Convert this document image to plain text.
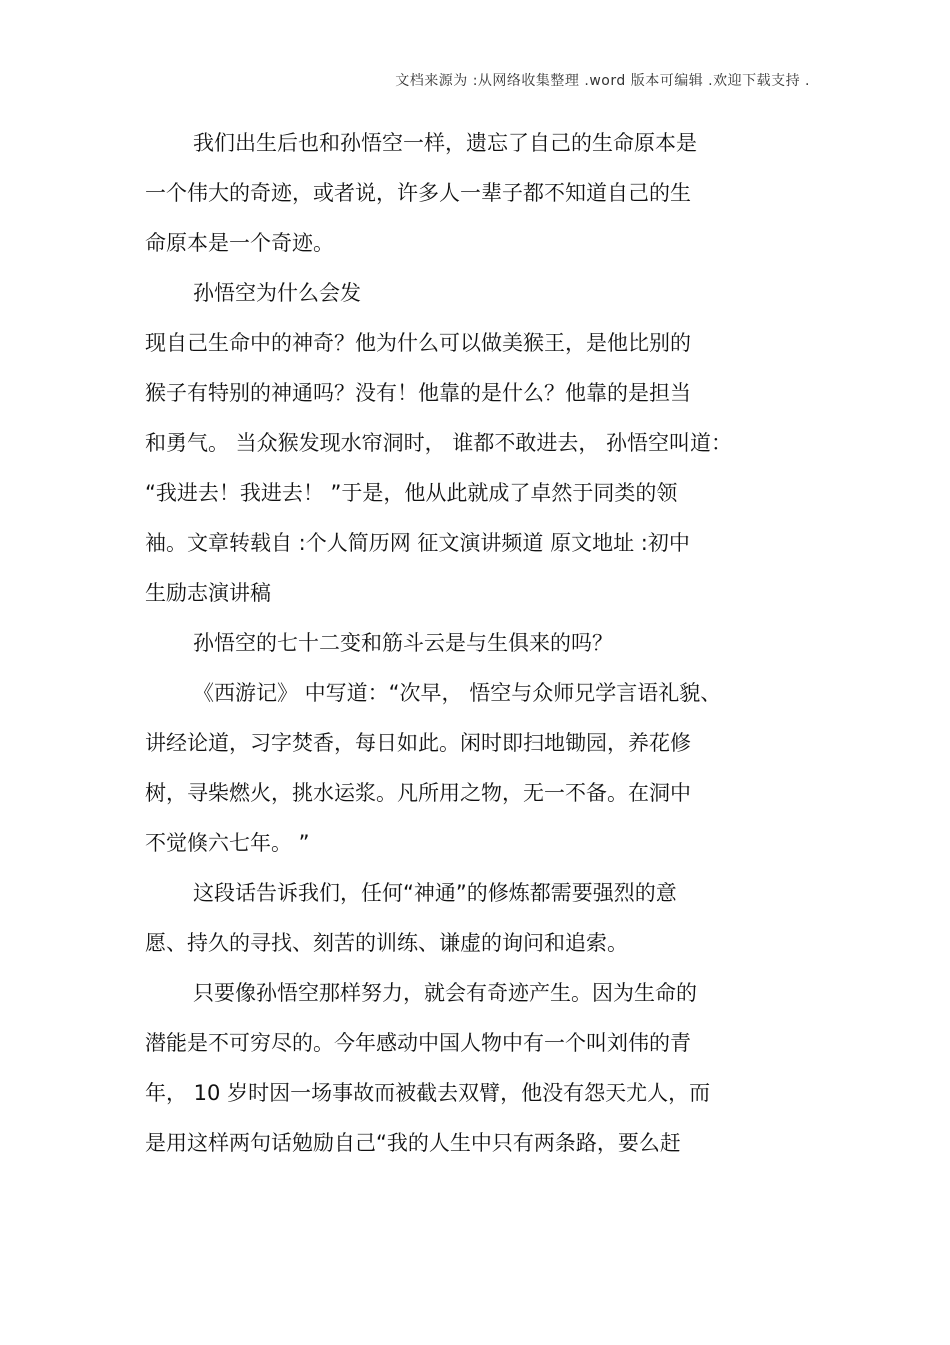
文档来源为 :从网络收集整理 .word 版本可编辑 .欢迎下载支持 .
我们出生后也和孙悟空一样，遗忘了自己的生命原本是
一个伟大的奇迹，或者说，许多人一辈子都不知道自己的生
命原本是一个奇迹。
孙悟空为什么会发
现自己生命中的神奇？他为什么可以做美猴王，是他比别的
猴子有特别的神通吗？没有！他靠的是什么？他靠的是担当
和勇气。 当众猴发现水帘洞时， 谁都不敢进去， 孙悟空叫道：
“我进去！我进去！ ”于是，他从此就成了卓然于同类的领
袖。文章转载自 :个人简历网 征文演讲频道 原文地址 :初中
生励志演讲稿
孙悟空的七十二变和筋斗云是与生俱来的吗？
《西游记》 中写道：“次早， 悟空与众师兄学言语礼貌、
讲经论道，习字焚香，每日如此。闲时即扫地锄园，养花修
树，寻柴燃火，挑水运浆。凡所用之物，无一不备。在洞中
不觉倏六七年。 ”
这段话告诉我们，任何“神通”的修炼都需要强烈的意
愿、持久的寻找、刻苦的训练、谦虚的询问和追索。
只要像孙悟空那样努力，就会有奇迹产生。因为生命的
潜能是不可穷尽的。今年感动中国人物中有一个叫刘伟的青
年， 10 岁时因一场事故而被截去双臂，他没有怨天尤人，而
是用这样两句话勉励自己“我的人生中只有两条路，要么赶
